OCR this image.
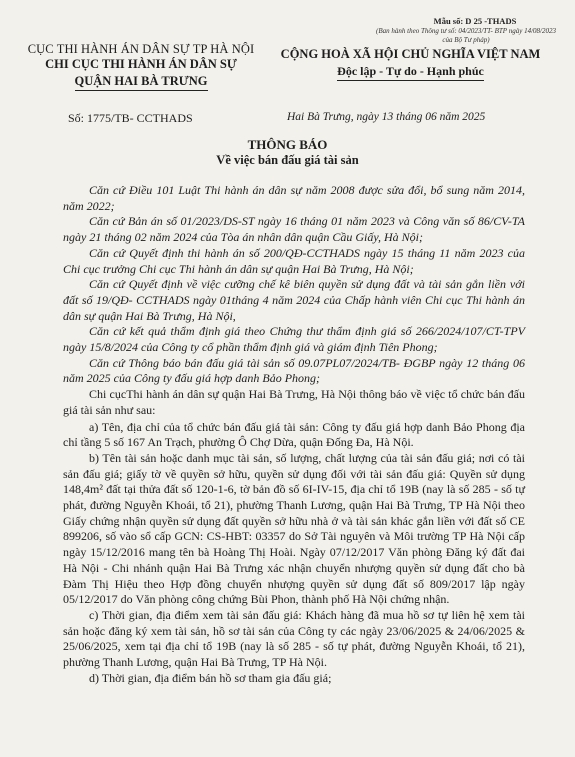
Mẫu số: D 25 -THADS
(Ban hành theo Thông tư số: 04/2023/TT- BTP ngày 14/08/2023 của Bộ Tư pháp)
CỤC THI HÀNH ÁN DÂN SỰ TP HÀ NỘI
CHI CỤC THI HÀNH ÁN DÂN SỰ
QUẬN HAI BÀ TRƯNG
CỘNG HOÀ XÃ HỘI CHỦ NGHĨA VIỆT NAM
Độc lập - Tự do - Hạnh phúc
Số: 1775/TB- CCTHADS	Hai Bà Trưng, ngày 13 tháng 06 năm 2025
THÔNG BÁO
Về việc bán đấu giá tài sản

Căn cứ Điều 101 Luật Thi hành án dân sự năm 2008 được sửa đổi, bổ sung năm 2014, năm 2022;

Căn cứ Bản án số 01/2023/DS-ST ngày 16 tháng 01 năm 2023 và Công văn số 86/CV-TA ngày 21 tháng 02 năm 2024 của Tòa án nhân dân quận Cầu Giấy, Hà Nội;

Căn cứ Quyết định thi hành án số 200/QĐ-CCTHADS ngày 15 tháng 11 năm 2023 của Chi cục trưởng Chi cục Thi hành án dân sự quận Hai Bà Trưng, Hà Nội;

Căn cứ Quyết định về việc cưỡng chế kê biên quyền sử dụng đất và tài sản gắn liền với đất số 19/QĐ- CCTHADS ngày 01tháng 4 năm 2024 của Chấp hành viên Chi cục Thi hành án dân sự quận Hai Bà Trưng, Hà Nội,

Căn cứ kết quả thẩm định giá theo Chứng thư thẩm định giá số 266/2024/107/CT-TPV ngày 15/8/2024 của Công ty cổ phần thẩm định giá và giám định Tiên Phong;

Căn cứ Thông báo bán đấu giá tài sản số 09.07PL07/2024/TB- ĐGBP ngày 12 tháng 06 năm 2025 của Công ty đấu giá hợp danh Bảo Phong;

Chi cụcThi hành án dân sự quận Hai Bà Trưng, Hà Nội thông báo về việc tổ chức bán đấu giá tài sản như sau:

a) Tên, địa chỉ của tổ chức bán đấu giá tài sản: Công ty đấu giá hợp danh Bảo Phong địa chỉ tầng 5 số 167 An Trạch, phường Ô Chợ Dừa, quận Đống Đa, Hà Nội.

b) Tên tài sản hoặc danh mục tài sản, số lượng, chất lượng của tài sản đấu giá; nơi có tài sản đấu giá; giấy tờ về quyền sở hữu, quyền sử dụng đối với tài sản đấu giá: Quyền sử dụng 148,4m² đất tại thửa đất số 120-1-6, tờ bản đồ số 6I-IV-15, địa chỉ tổ 19B (nay là số 285 - số tự phát, đường Nguyễn Khoái, tổ 21), phường Thanh Lương, quận Hai Bà Trưng, TP Hà Nội theo Giấy chứng nhận quyền sử dụng đất quyền sở hữu nhà ở và tài sản khác gắn liền với đất số CE 899206, số vào sổ cấp GCN: CS-HBT: 03357 do Sở Tài nguyên và Môi trường TP Hà Nội cấp ngày 15/12/2016 mang tên bà Hoàng Thị Hoài. Ngày 07/12/2017 Văn phòng Đăng ký đất đai Hà Nội - Chi nhánh quận Hai Bà Trưng xác nhận chuyển nhượng quyền sử dụng đất cho bà Đàm Thị Hiệu theo Hợp đồng chuyển nhượng quyền sử dụng đất số 809/2017 lập ngày 05/12/2017 do Văn phòng công chứng Bùi Phon, thành phố Hà Nội chứng nhận.

c) Thời gian, địa điểm xem tài sản đấu giá: Khách hàng đã mua hồ sơ tự liên hệ xem tài sản hoặc đăng ký xem tài sản, hồ sơ tài sản của Công ty các ngày 23/06/2025 & 24/06/2025 & 25/06/2025, xem tại địa chỉ tổ 19B (nay là số 285 - số tự phát, đường Nguyễn Khoái, tổ 21), phường Thanh Lương, quận Hai Bà Trưng, TP Hà Nội.

d) Thời gian, địa điểm bán hồ sơ tham gia đấu giá;
